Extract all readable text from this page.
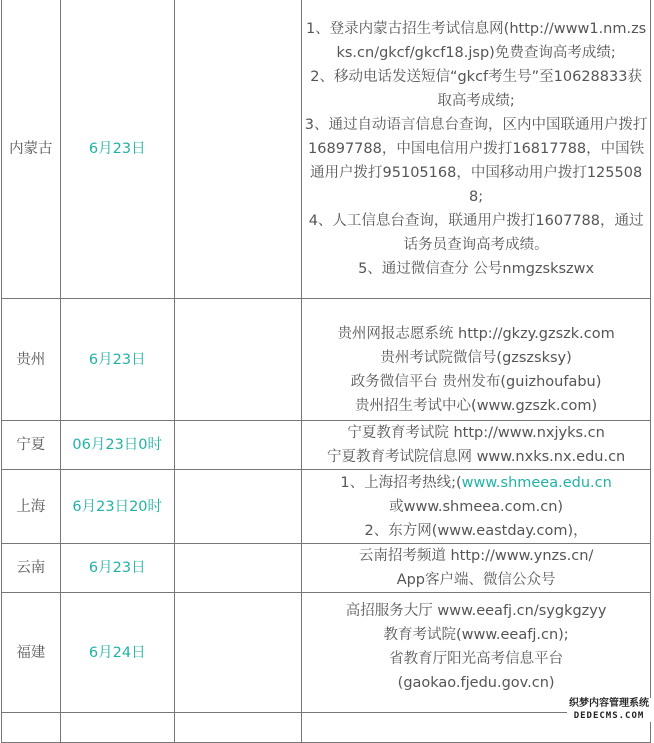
内蒙古	6月23日		1、登录内蒙古招生考试信息网(http://www1.nm.zsks.cn/gkcf/gkcf18.jsp)免费查询高考成绩;
2、移动电话发送短信“gkcf考生号”至10628833获取高考成绩;
3、通过自动语言信息台查询，区内中国联通用户拨打16897788，中国电信用户拨打16817788，中国铁通用户拨打95105168，中国移动用户拨打1255088;
4、人工信息台查询，联通用户拨打1607788，通过话务员查询高考成绩。
5、通过微信查分 公号nmgzskszwx

贵州	6月23日		贵州网报志愿系统 http://gkzy.gzszk.com
贵州考试院微信号(gzszsksy)
政务微信平台 贵州发布(guizhoufabu)
贵州招生考试中心(www.gzszk.com)

宁夏	06月23日0时		宁夏教育考试院 http://www.nxjyks.cn
宁夏教育考试院信息网 www.nxks.nx.edu.cn

上海	6月23日20时		1、上海招考热线;(www.shmeea.edu.cn
或www.shmeea.com.cn)
2、东方网(www.eastday.com)，

云南	6月23日		云南招考频道 http://www.ynzs.cn/
App客户端、微信公众号

福建	6月24日		高招服务大厅 www.eeafj.cn/sygkgzyy
教育考试院(www.eeafj.cn);
省教育厅阳光高考信息平台
(gaokao.fjedu.gov.cn)

织梦内容管理系统
DEDECMS.COM
